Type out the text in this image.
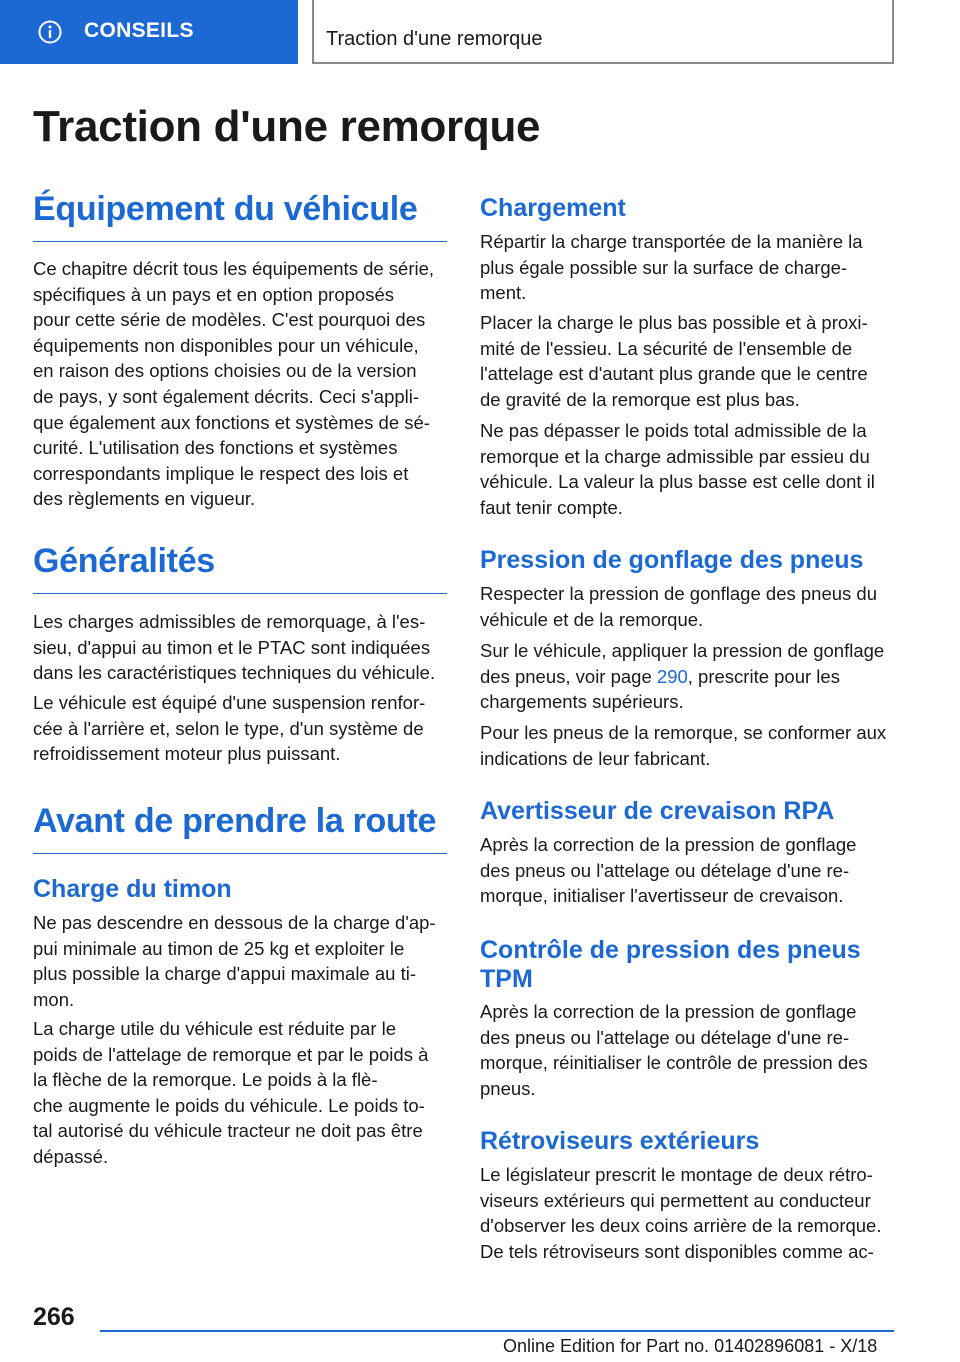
CONSEILS	Traction d'une remorque
Traction d'une remorque
Équipement du véhicule

Ce chapitre décrit tous les équipements de série,
spécifiques à un pays et en option proposés
pour cette série de modèles. C'est pourquoi des
équipements non disponibles pour un véhicule,
en raison des options choisies ou de la version
de pays, y sont également décrits. Ceci s'appli‐
que également aux fonctions et systèmes de sé‐
curité. L'utilisation des fonctions et systèmes
correspondants implique le respect des lois et
des règlements en vigueur.

Généralités

Les charges admissibles de remorquage, à l'es‐
sieu, d'appui au timon et le PTAC sont indiquées
dans les caractéristiques techniques du véhicule.

Le véhicule est équipé d'une suspension renfor‐
cée à l'arrière et, selon le type, d'un système de
refroidissement moteur plus puissant.

Avant de prendre la route
Charge du timon

Ne pas descendre en dessous de la charge d'ap‐
pui minimale au timon de 25 kg et exploiter le
plus possible la charge d'appui maximale au ti‐
mon.

La charge utile du véhicule est réduite par le
poids de l'attelage de remorque et par le poids à
la flèche de la remorque. Le poids à la flè‐
che augmente le poids du véhicule. Le poids to‐
tal autorisé du véhicule tracteur ne doit pas être
dépassé.

Chargement

Répartir la charge transportée de la manière la
plus égale possible sur la surface de charge‐
ment.

Placer la charge le plus bas possible et à proxi‐
mité de l'essieu. La sécurité de l'ensemble de
l'attelage est d'autant plus grande que le centre
de gravité de la remorque est plus bas.

Ne pas dépasser le poids total admissible de la
remorque et la charge admissible par essieu du
véhicule. La valeur la plus basse est celle dont il
faut tenir compte.

Pression de gonflage des pneus

Respecter la pression de gonflage des pneus du
véhicule et de la remorque.

Sur le véhicule, appliquer la pression de gonflage
des pneus, voir page 290, prescrite pour les
chargements supérieurs.

Pour les pneus de la remorque, se conformer aux
indications de leur fabricant.

Avertisseur de crevaison RPA

Après la correction de la pression de gonflage
des pneus ou l'attelage ou dételage d'une re‐
morque, initialiser l'avertisseur de crevaison.

Contrôle de pression des pneus
TPM

Après la correction de la pression de gonflage
des pneus ou l'attelage ou dételage d'une re‐
morque, réinitialiser le contrôle de pression des
pneus.

Rétroviseurs extérieurs

Le législateur prescrit le montage de deux rétro‐
viseurs extérieurs qui permettent au conducteur
d'observer les deux coins arrière de la remorque.
De tels rétroviseurs sont disponibles comme ac‐

266
Online Edition for Part no. 01402896081 - X/18
